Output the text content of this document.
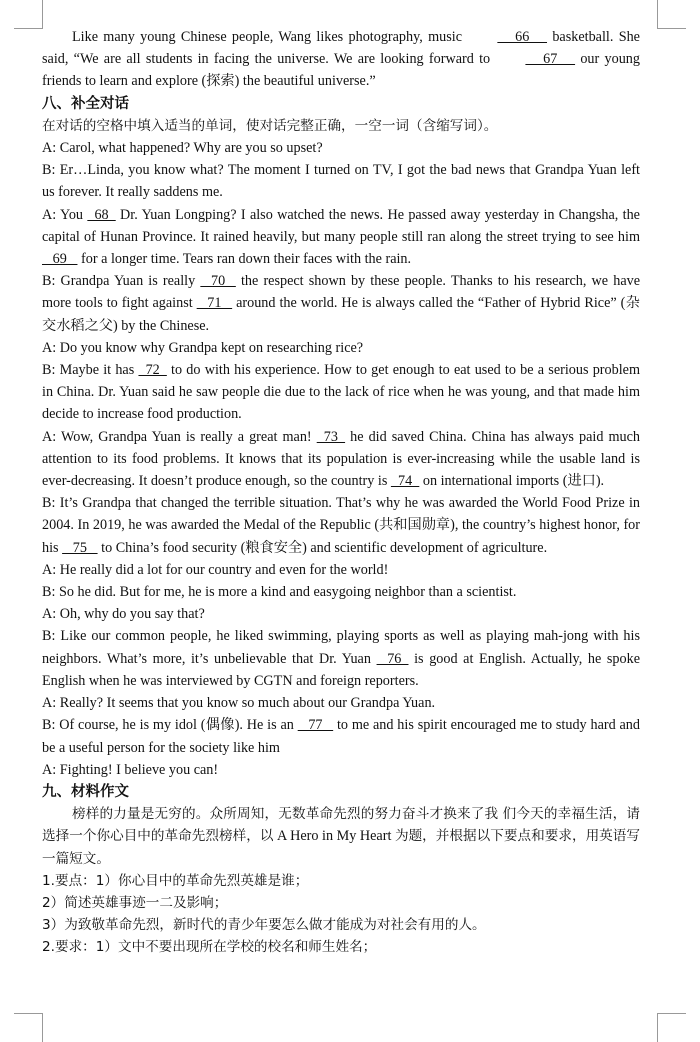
Like many young Chinese people, Wang likes photography, music      66      basketball. She said, “We are all students in facing the universe. We are looking forward to      67      our young friends to learn and explore (探索) the beautiful universe.”

八、补全对话

在对话的空格中填入适当的单词，使对话完整正确，一空一词（含缩写词）。

A: Carol, what happened? Why are you so upset?

B: Er…Linda, you know what? The moment I turned on TV, I got the bad news that Grandpa Yuan left us forever. It really saddens me.

A: You   68   Dr. Yuan Longping? I also watched the news. He passed away yesterday in Changsha, the capital of Hunan Province. It rained heavily, but many people still ran along the street trying to see him    69    for a longer time. Tears ran down their faces with the rain.

B: Grandpa Yuan is really    70    the respect shown by these people. Thanks to his research, we have more tools to fight against    71    around the world. He is always called the “Father of Hybrid Rice” (杂交水稻之父) by the Chinese.

A: Do you know why Grandpa kept on researching rice?

B: Maybe it has   72   to do with his experience. How to get enough to eat used to be a serious problem in China. Dr. Yuan said he saw people die due to the lack of rice when he was young, and that made him decide to increase food production.

A: Wow, Grandpa Yuan is really a great man!   73   he did saved China. China has always paid much attention to its food problems. It knows that its population is ever-increasing while the usable land is ever-decreasing. It doesn’t produce enough, so the country is   74   on international imports (进口).

B: It’s Grandpa that changed the terrible situation. That’s why he was awarded the World Food Prize in 2004. In 2019, he was awarded the Medal of the Republic (共和国勋章), the country’s highest honor, for his    75    to China’s food security (粮食安全) and scientific development of agriculture.

A: He really did a lot for our country and even for the world!

B: So he did. But for me, he is more a kind and easygoing neighbor than a scientist.

A: Oh, why do you say that?

B: Like our common people, he liked swimming, playing sports as well as playing mah-jong with his neighbors. What’s more, it’s unbelievable that Dr. Yuan    76   is good at English. Actually, he spoke English when he was interviewed by CGTN and foreign reporters.

A: Really? It seems that you know so much about our Grandpa Yuan.

B: Of course, he is my idol (偶像). He is an    77    to me and his spirit encouraged me to study hard and be a useful person for the society like him

A: Fighting! I believe you can!

九、材料作文

榜样的力量是无穷的。众所周知，无数革命先烈的努力奋斗才换来了我 们今天的幸福生活，请选择一个你心目中的革命先烈榜样，以 A Hero in My Heart 为题，并根据以下要点和要求，用英语写一篇短文。

1.要点：1）你心目中的革命先烈英雄是谁；

2）简述英雄事迹一二及影响；

3）为致敬革命先烈，新时代的青少年要怎么做才能成为对社会有用的人。

2.要求：1）文中不要出现所在学校的校名和师生姓名；
